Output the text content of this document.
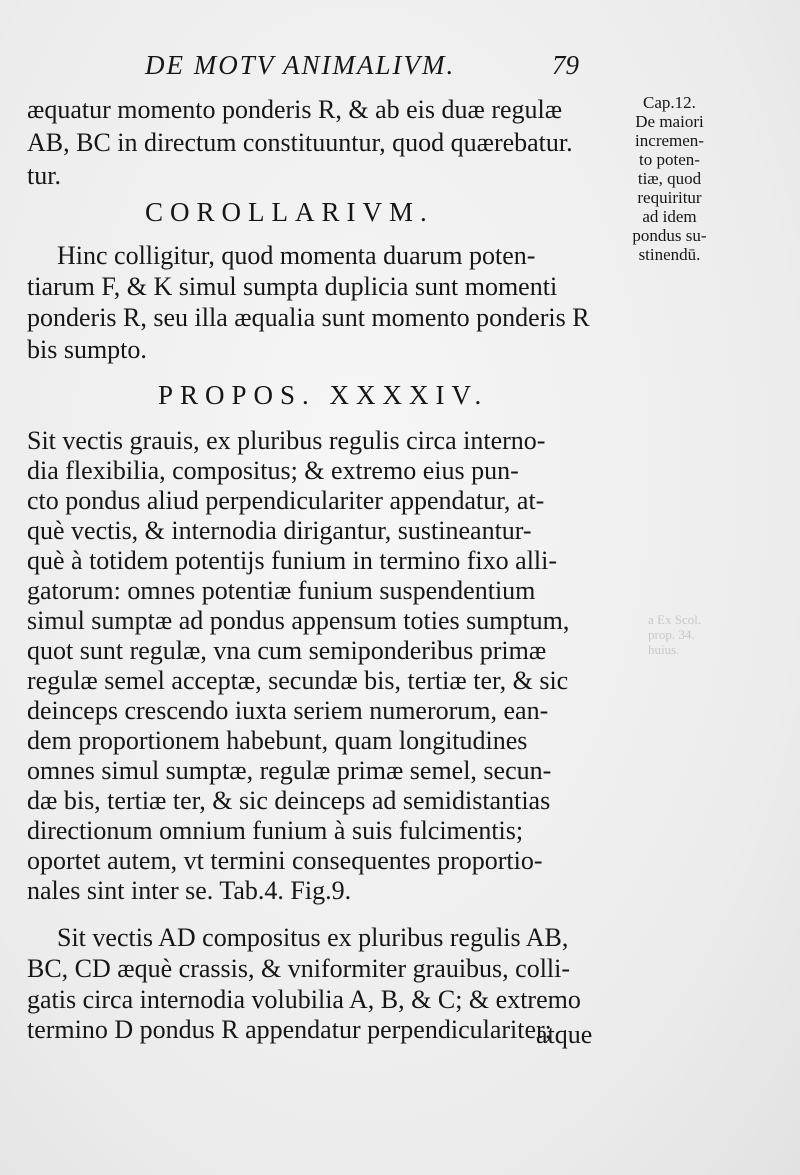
DE MOTV ANIMALIVM.	79
æquatur momento ponderis R, & ab eis duæ regulæ
AB, BC in directum constituuntur, quod quærebatur.
tur.
COROLLARIVM.
Hinc colligitur, quod momenta duarum poten-
tiarum F, & K simul sumpta duplicia sunt momenti
ponderis R, seu illa æqualia sunt momento ponderis R
bis sumpto.
PROPOS. XXXXIV.
Sit vectis grauis, ex pluribus regulis circa interno-
dia flexibilia, compositus; & extremo eius pun-
cto pondus aliud perpendiculariter appendatur, at-
què vectis, & internodia dirigantur, sustineantur-
què à totidem potentijs funium in termino fixo alli-
gatorum: omnes potentiæ funium suspendentium
simul sumptæ ad pondus appensum toties sumptum,
quot sunt regulæ, vna cum semiponderibus primæ
regulæ semel acceptæ, secundæ bis, tertiæ ter, & sic
deinceps crescendo iuxta seriem numerorum, ean-
dem proportionem habebunt, quam longitudines
omnes simul sumptæ, regulæ primæ semel, secun-
dæ bis, tertiæ ter, & sic deinceps ad semidistantias
directionum omnium funium à suis fulcimentis;
oportet autem, vt termini consequentes proportio-
nales sint inter se. Tab.4. Fig.9.
Sit vectis AD compositus ex pluribus regulis AB,
BC, CD æquè crassis, & vniformiter grauibus, colli-
gatis circa internodia volubilia A, B, & C; & extremo
termino D pondus R appendatur perpendiculariter;
atque
Cap.12.
De maiori
incremen-
to poten-
tiæ, quod
requiritur
ad idem
pondus su-
stinendū.
a Ex Scol.
prop. 34.
huius.
